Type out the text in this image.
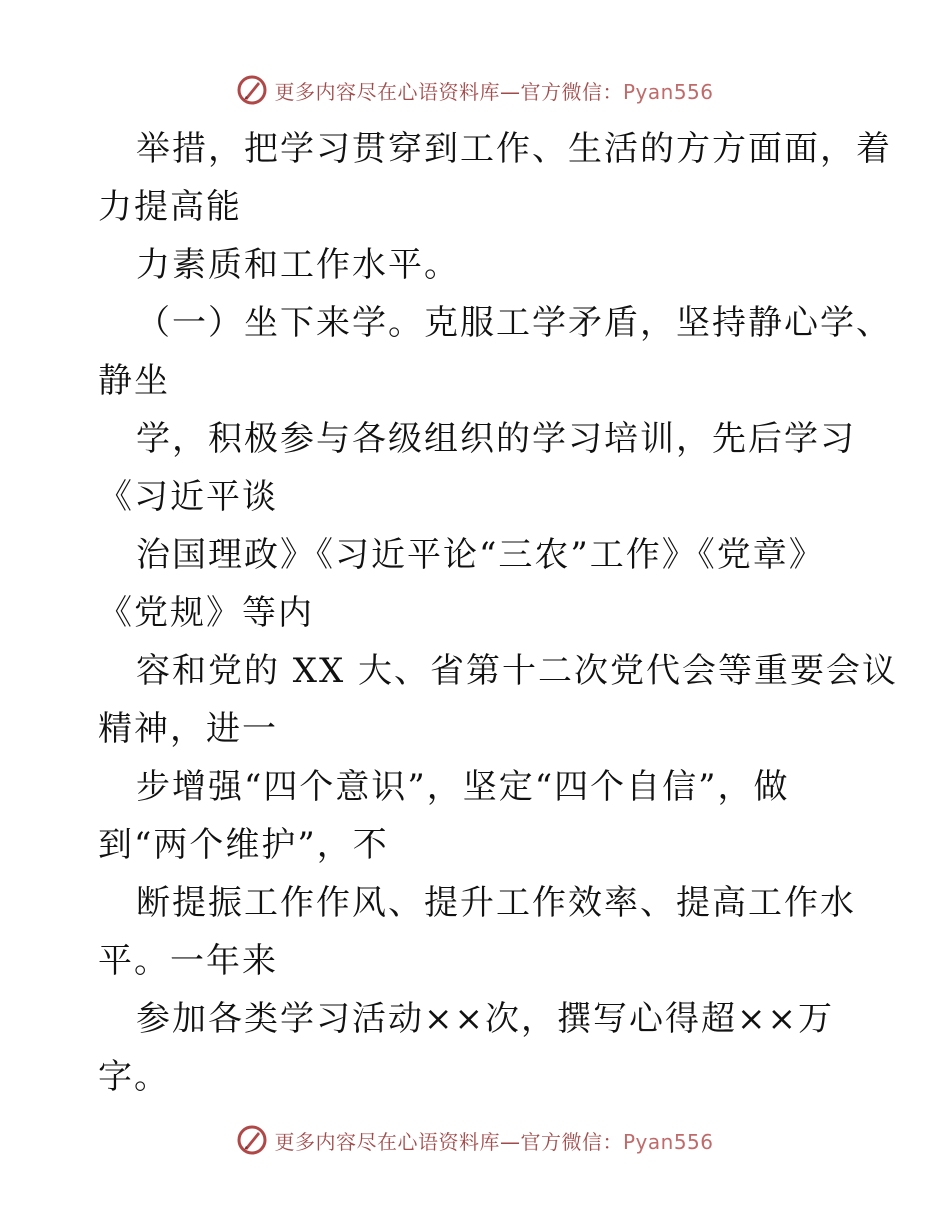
更多内容尽在心语资料库—官方微信：Pyan556
举措，把学习贯穿到工作、生活的方方面面，着
力提高能
力素质和工作水平。
（一）坐下来学。克服工学矛盾，坚持静心学、
静坐
学，积极参与各级组织的学习培训，先后学习
《习近平谈
治国理政》《习近平论“三农”工作》《党章》
《党规》等内
容和党的 XX 大、省第十二次党代会等重要会议
精神，进一
步增强“四个意识”，坚定“四个自信”，做
到“两个维护”，不
断提振工作作风、提升工作效率、提高工作水
平。一年来
参加各类学习活动××次，撰写心得超××万
字。
更多内容尽在心语资料库—官方微信：Pyan556
